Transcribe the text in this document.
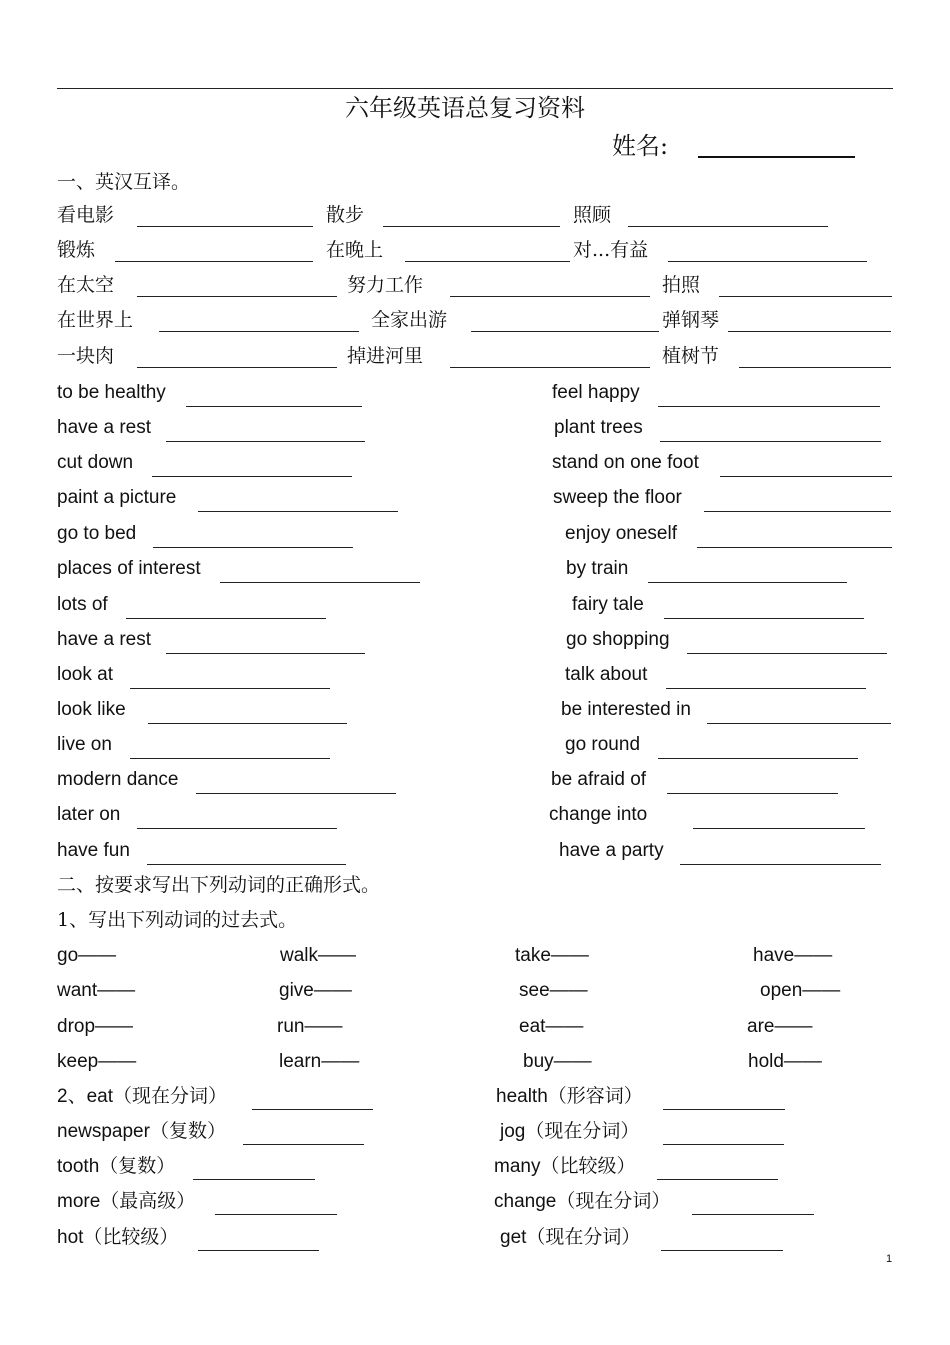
六年级英语总复习资料
姓名:
一、英汉互译。
看电影	散步	照顾
锻炼	在晚上	对...有益
在太空	努力工作	拍照
在世界上	全家出游	弹钢琴
一块肉	掉进河里	植树节
to be healthy	feel happy
have a rest	plant trees
cut down	stand on one foot
paint a picture	sweep the floor
go to bed	enjoy oneself
places of interest	by train
lots of	fairy tale
have a rest	go shopping
look at	talk about
look like	be interested in
live on	go round
modern dance	be afraid of
later on	change into
have fun	have a party
二、按要求写出下列动词的正确形式。
1、写出下列动词的过去式。
go——	walk——	take——	have——
want——	give——	see——	open——
drop——	run——	eat——	are——
keep——	learn——	buy——	hold——
2、eat（现在分词）	health（形容词）
newspaper（复数）	jog（现在分词）
tooth（复数）	many（比较级）
more（最高级）	change（现在分词）
hot（比较级）	get（现在分词）
1
